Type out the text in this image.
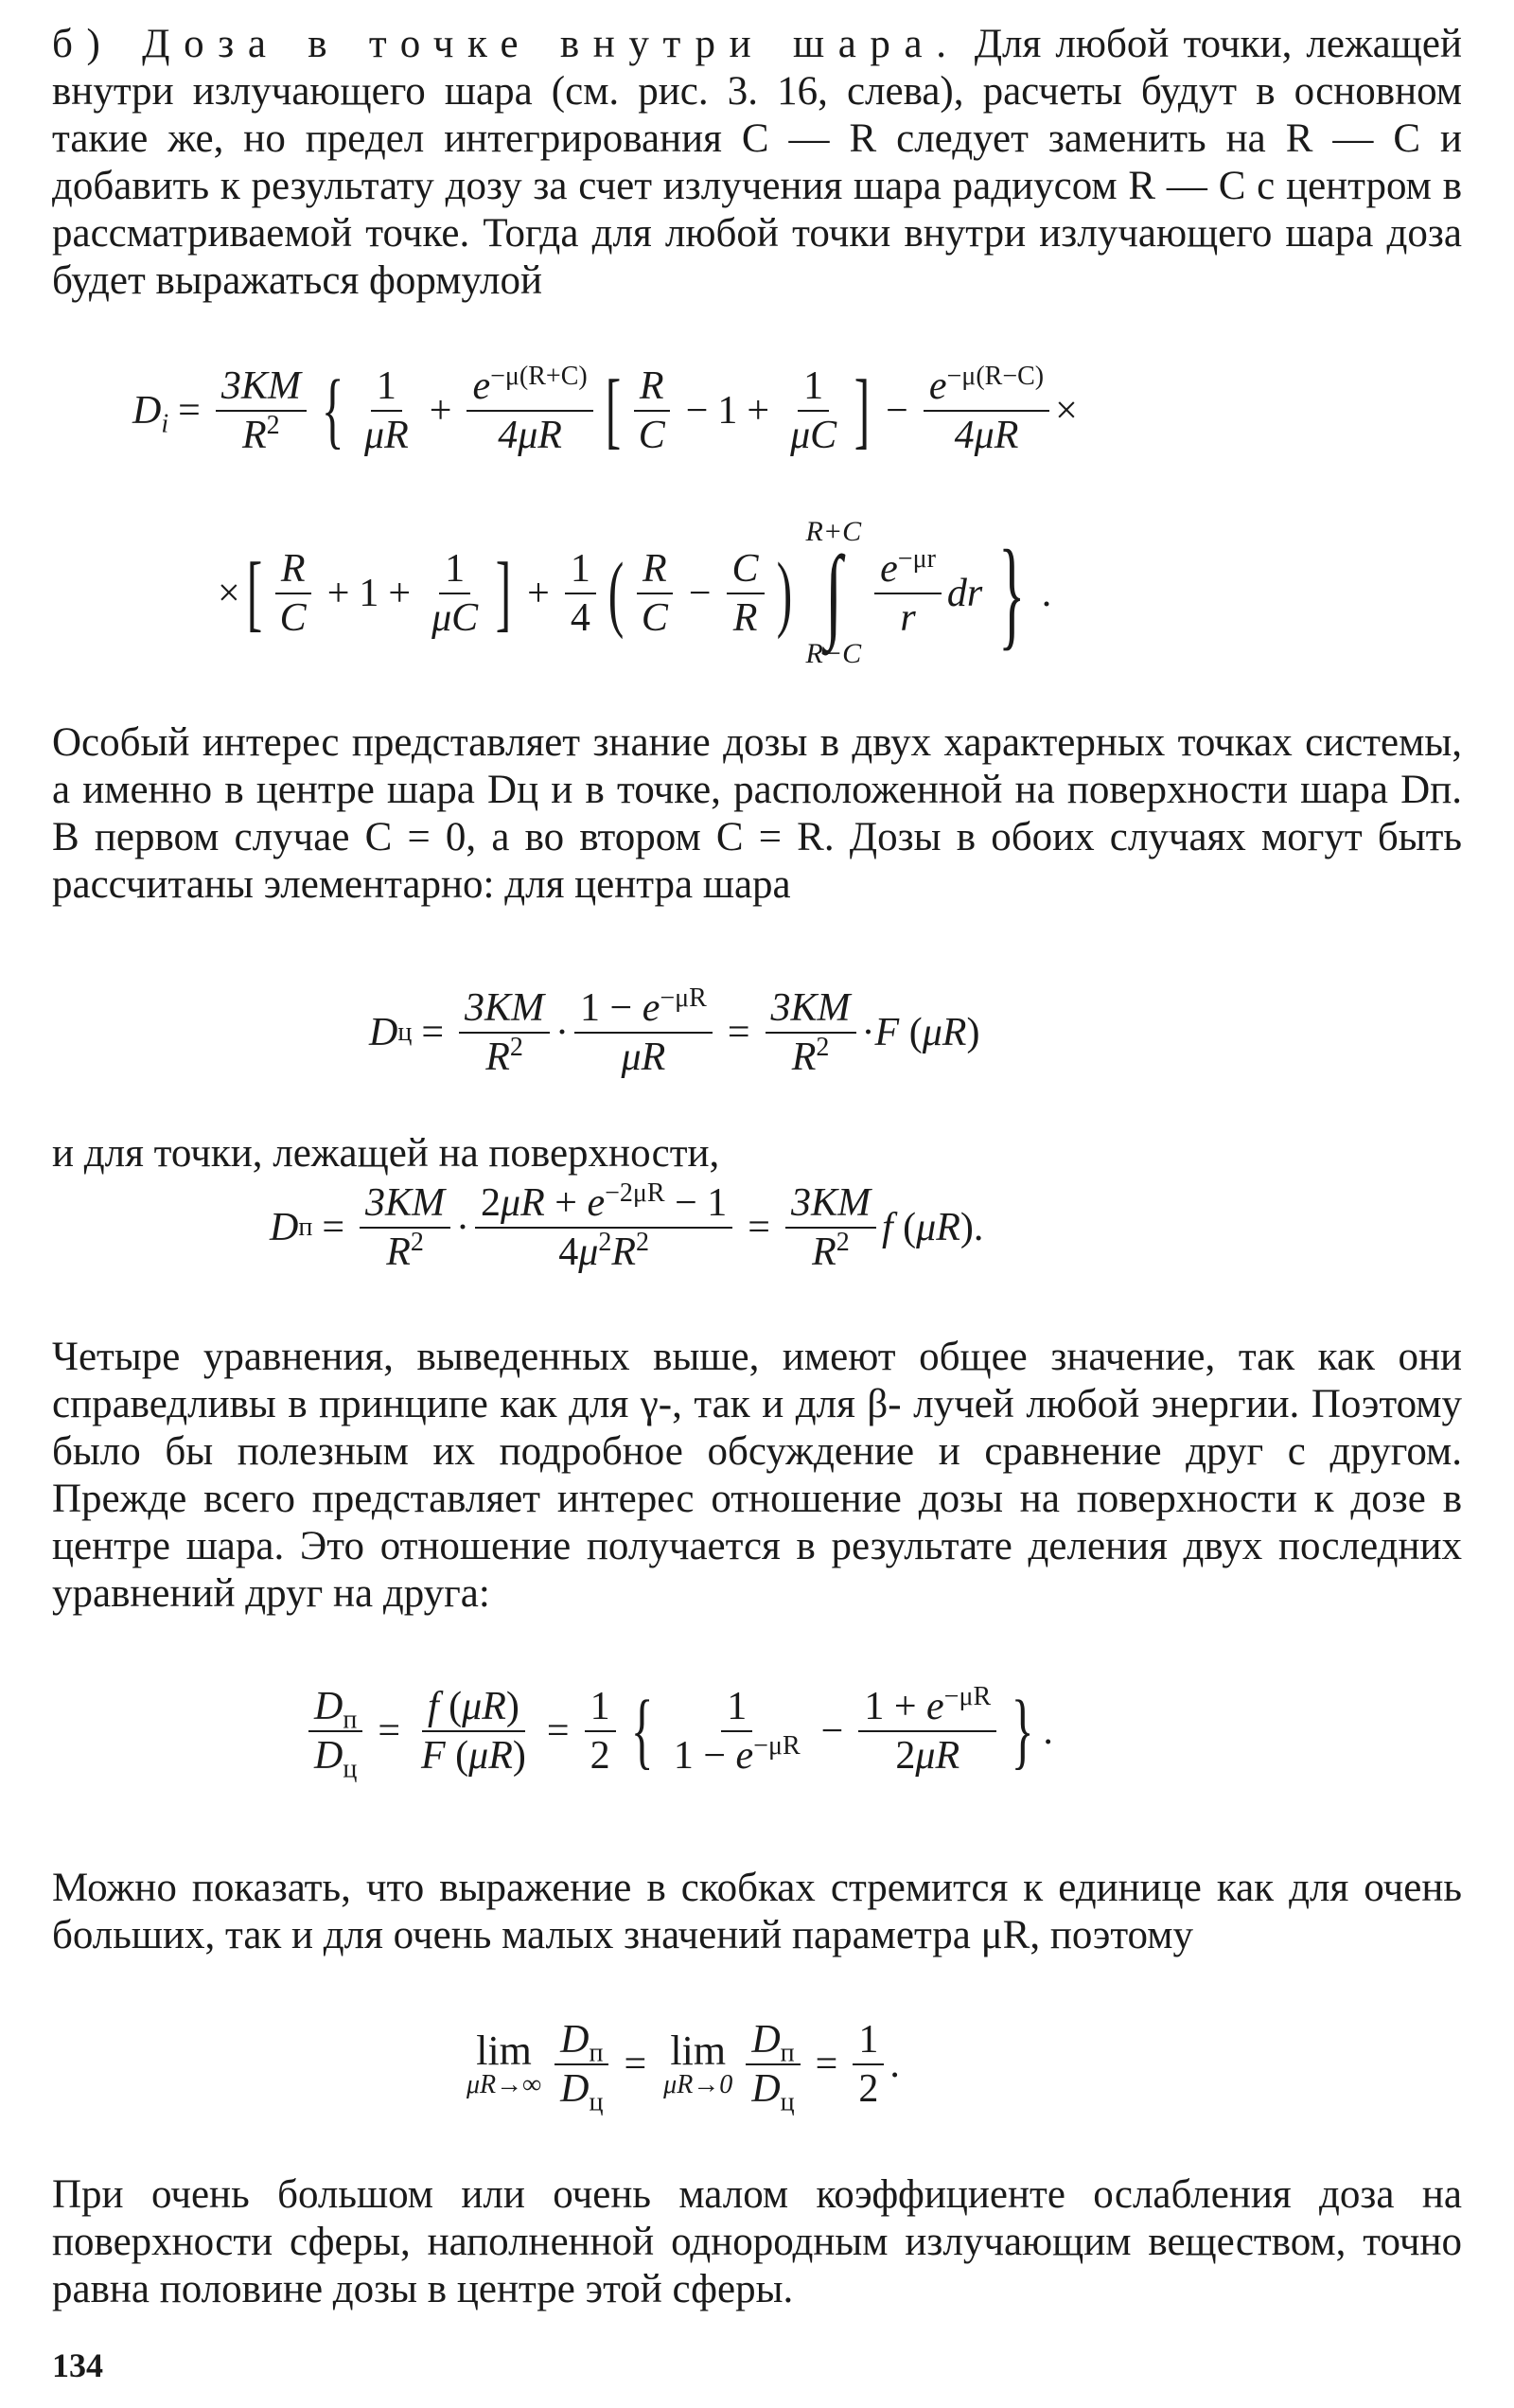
б) Доза в точке внутри шара. Для любой точки, лежащей внутри излучающего шара (см. рис. 3. 16, слева), расчеты будут в основном такие же, но предел интегрирования C — R следует заменить на R — C и добавить к результату дозу за счет излучения шара радиусом R — C с центром в рассматриваемой точке. Тогда для любой точки внутри излучающего шара доза будет выражаться формулой

$D_i = \frac{3KM}{R^2}$ { $\frac{1}{\mu R} + \frac{e^{-\mu(R+C)}}{4\mu R}$ [ $\frac{R}{C} - 1 + \frac{1}{\mu C}$ ] − $\frac{e^{-\mu(R-C)}}{4\mu R}$ ×
× [ $\frac{R}{C} + 1 + \frac{1}{\mu C}$ ] + $\frac{1}{4}$ ( $\frac{R}{C} - \frac{C}{R}$ )
R+C
∫
R−C
$\frac{e^{-\mu r}}{r}$ dr } .

Особый интерес представляет знание дозы в двух характерных точках системы, а именно в центре шара Dц и в точке, расположенной на поверхности шара Dп. В первом случае C = 0, а во втором C = R. Дозы в обоих случаях могут быть рассчитаны элементарно: для центра шара

D $ц = \frac{3KM}{R^2} \cdot \frac{1 - e^{-\mu R}}{\mu R} = \frac{3KM}{R^2} \cdot F$ ( μR )

и для точки, лежащей на поверхности,

D $п = \frac{3KM}{R^2} \cdot \frac{2\mu R + e^{-2\mu R} - 1}{4\mu^2R^2} = \frac{3KM}{R^2}$ f ( μR ).

Четыре уравнения, выведенных выше, имеют общее значение, так как они справедливы в принципе как для γ-, так и для β- лучей любой энергии. Поэтому было бы полезным их подробное обсуждение и сравнение друг с другом. Прежде всего представляет интерес отношение дозы на поверхности к дозе в центре шара. Это отношение получается в результате деления двух последних уравнений друг на друга:

$\frac{D_п}{D_ц} = \frac{f (\mu R)}{F (\mu R)} = \frac{1}{2}$ { $\frac{1}{1 - e^{-\mu R}} - \frac{1 + e^{-\mu R}}{2\mu R}$ } .

Можно показать, что выражение в скобках стремится к единице как для очень больших, так и для очень малых значений параметра μR, поэтому

lim
$\mu R\to\infty \frac{D_п}{D_ц} = \lim$
$\mu R\to 0 \frac{D_п}{D_ц} = \frac{1}{2}$ .

При очень большом или очень малом коэффициенте ослабления доза на поверхности сферы, наполненной однородным излучающим веществом, точно равна половине дозы в центре этой сферы.

134
